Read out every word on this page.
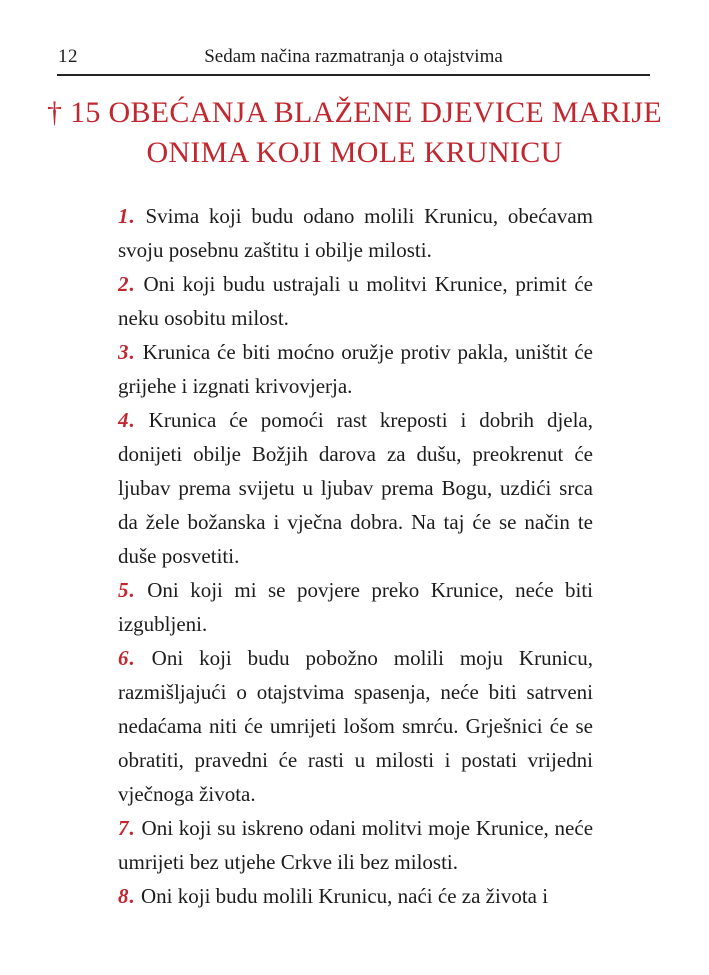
12	Sedam načina razmatranja o otajstvima
† 15 OBEĆANJA BLAŽENE DJEVICE MARIJE
ONIMA KOJI MOLE KRUNICU

1. Svima koji budu odano molili Krunicu, obećavam svoju posebnu zaštitu i obilje milosti.

2. Oni koji budu ustrajali u molitvi Krunice, primit će neku osobitu milost.

3. Krunica će biti moćno oružje protiv pakla, uništit će grijehe i izgnati krivovjerja.

4. Krunica će pomoći rast kreposti i dobrih djela, donijeti obilje Božjih darova za dušu, preokrenut će ljubav prema svijetu u ljubav prema Bogu, uzdići srca da žele božanska i vječna dobra. Na taj će se način te duše posvetiti.

5. Oni koji mi se povjere preko Krunice, neće biti izgubljeni.

6. Oni koji budu pobožno molili moju Krunicu, razmišljajući o otajstvima spasenja, neće biti satrveni nedaćama niti će umrijeti lošom smrću. Grješnici će se obratiti, pravedni će rasti u milosti i postati vrijedni vječnoga života.

7. Oni koji su iskreno odani molitvi moje Krunice, neće umrijeti bez utjehe Crkve ili bez milosti.

8. Oni koji budu molili Krunicu, naći će za života i
